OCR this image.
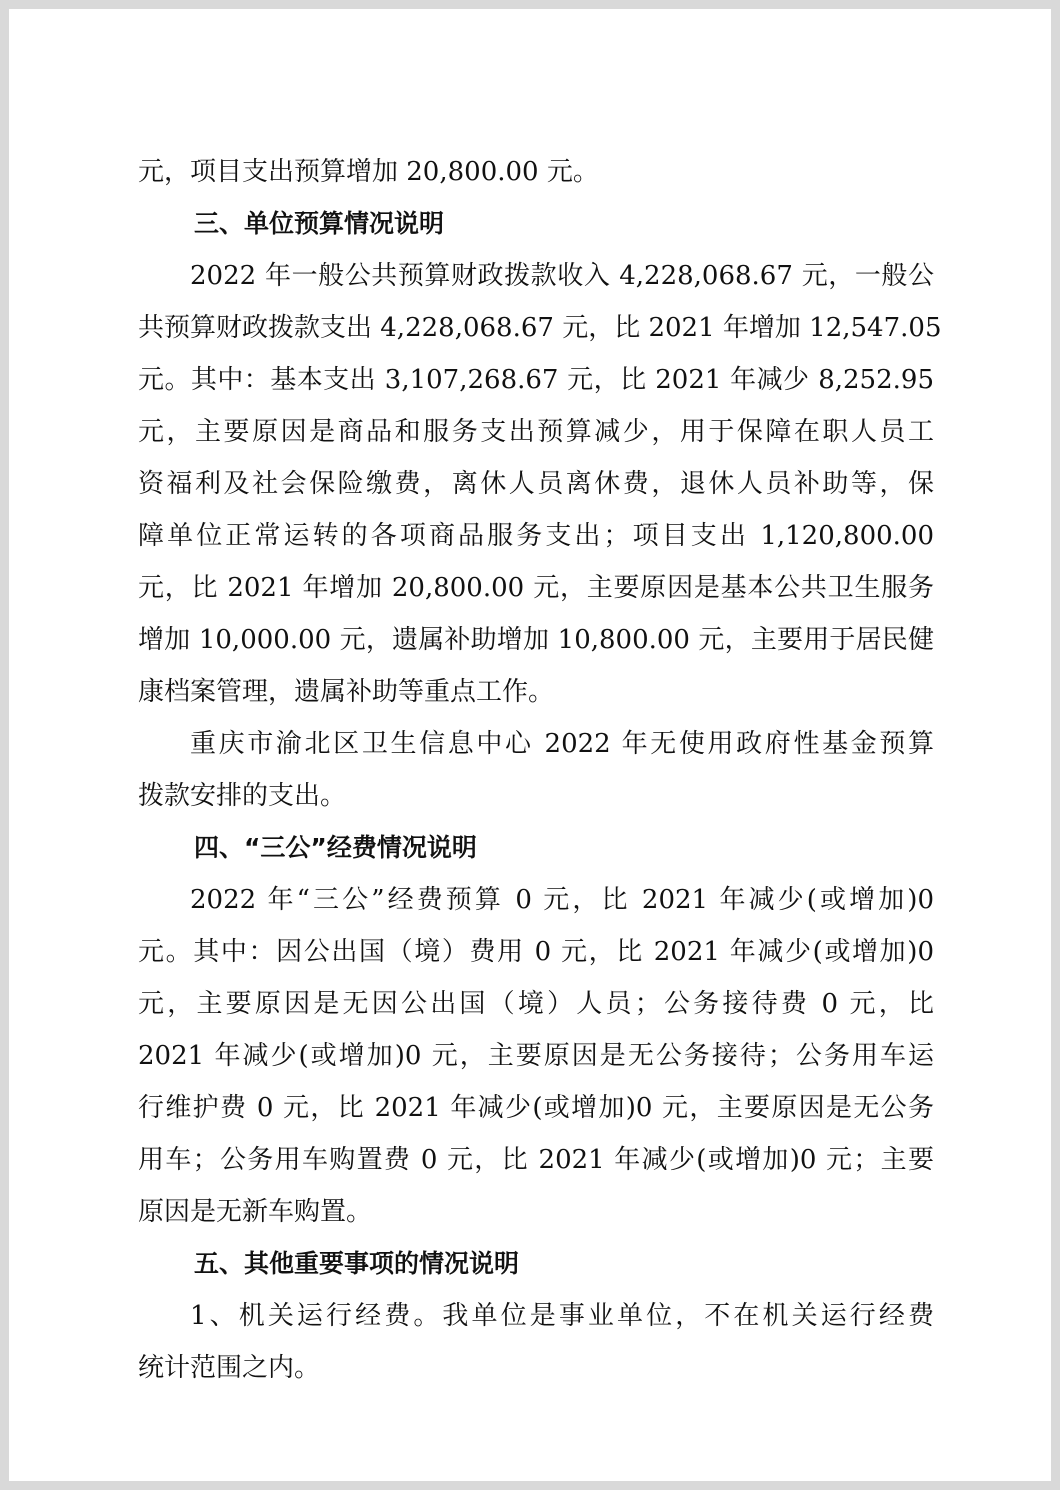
元，项目支出预算增加 20,800.00 元。
三、单位预算情况说明
2022 年一般公共预算财政拨款收入 4,228,068.67 元，一般公
共预算财政拨款支出 4,228,068.67 元，比 2021 年增加 12,547.05
元。其中：基本支出 3,107,268.67 元，比 2021 年减少 8,252.95
元，主要原因是商品和服务支出预算减少，用于保障在职人员工
资福利及社会保险缴费，离休人员离休费，退休人员补助等，保
障单位正常运转的各项商品服务支出；项目支出 1,120,800.00
元，比 2021 年增加 20,800.00 元，主要原因是基本公共卫生服务
增加 10,000.00 元，遗属补助增加 10,800.00 元，主要用于居民健
康档案管理，遗属补助等重点工作。
重庆市渝北区卫生信息中心 2022 年无使用政府性基金预算
拨款安排的支出。
四、“三公”经费情况说明
2022 年“三公”经费预算 0 元，比 2021 年减少(或增加)0
元。其中：因公出国（境）费用 0 元，比 2021 年减少(或增加)0
元，主要原因是无因公出国（境）人员；公务接待费 0 元，比
2021 年减少(或增加)0 元，主要原因是无公务接待；公务用车运
行维护费 0 元，比 2021 年减少(或增加)0 元，主要原因是无公务
用车；公务用车购置费 0 元，比 2021 年减少(或增加)0 元；主要
原因是无新车购置。
五、其他重要事项的情况说明
1、机关运行经费。我单位是事业单位，不在机关运行经费
统计范围之内。
